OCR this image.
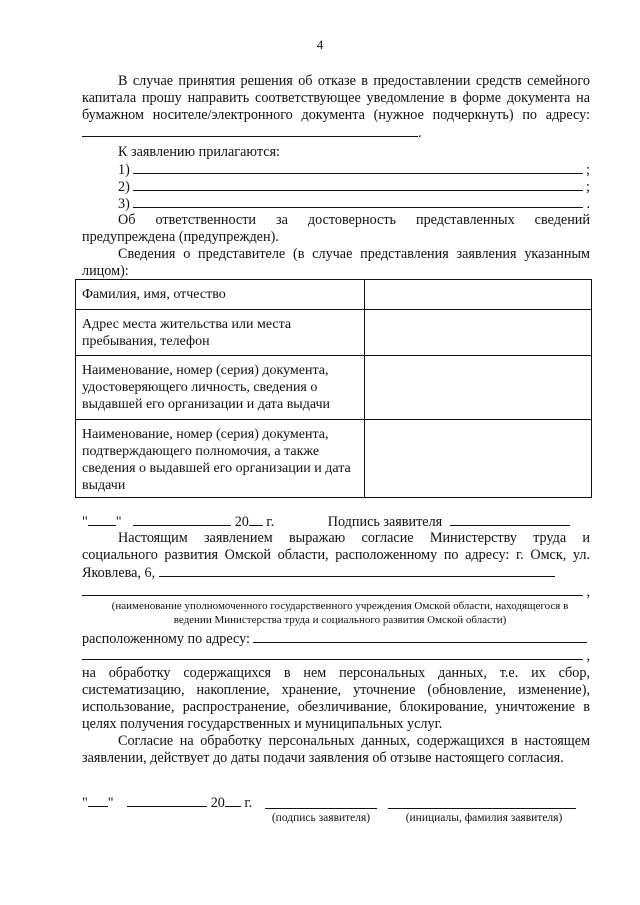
4
В случае принятия решения об отказе в предоставлении средств семейного капитала прошу направить соответствующее уведомление в форме документа на бумажном носителе/электронного документа (нужное подчеркнуть) по адресу: .
К заявлению прилагаются:
1)	;
2)	;
3)	.
Об ответственности за достоверность представленных сведений предупреждена (предупрежден).
Сведения о представителе (в случае представления заявления указанным лицом):
Фамилия, имя, отчество	
Адрес места жительства или места пребывания, телефон	
Наименование, номер (серия) документа, удостоверяющего личность, сведения о выдавшей его организации и дата выдачи	
Наименование, номер (серия) документа, подтверждающего полномочия, а также сведения о выдавшей его организации и дата выдачи	
" "	20 г.	Подпись заявителя
Настоящим заявлением выражаю согласие Министерству труда и социального развития Омской области, расположенному по адресу: г. Омск, ул. Яковлева, 6,
,
(наименование уполномоченного государственного учреждения Омской области, находящегося в ведении Министерства труда и социального развития Омской области)
расположенному по адресу:
,
на обработку содержащихся в нем персональных данных, т.е. их сбор, систематизацию, накопление, хранение, уточнение (обновление, изменение), использование, распространение, обезличивание, блокирование, уничтожение в целях получения государственных и муниципальных услуг.
Согласие на обработку персональных данных, содержащихся в настоящем заявлении, действует до даты подачи заявления об отзыве настоящего согласия.
" "	20 г.
(подпись заявителя)	(инициалы, фамилия заявителя)
